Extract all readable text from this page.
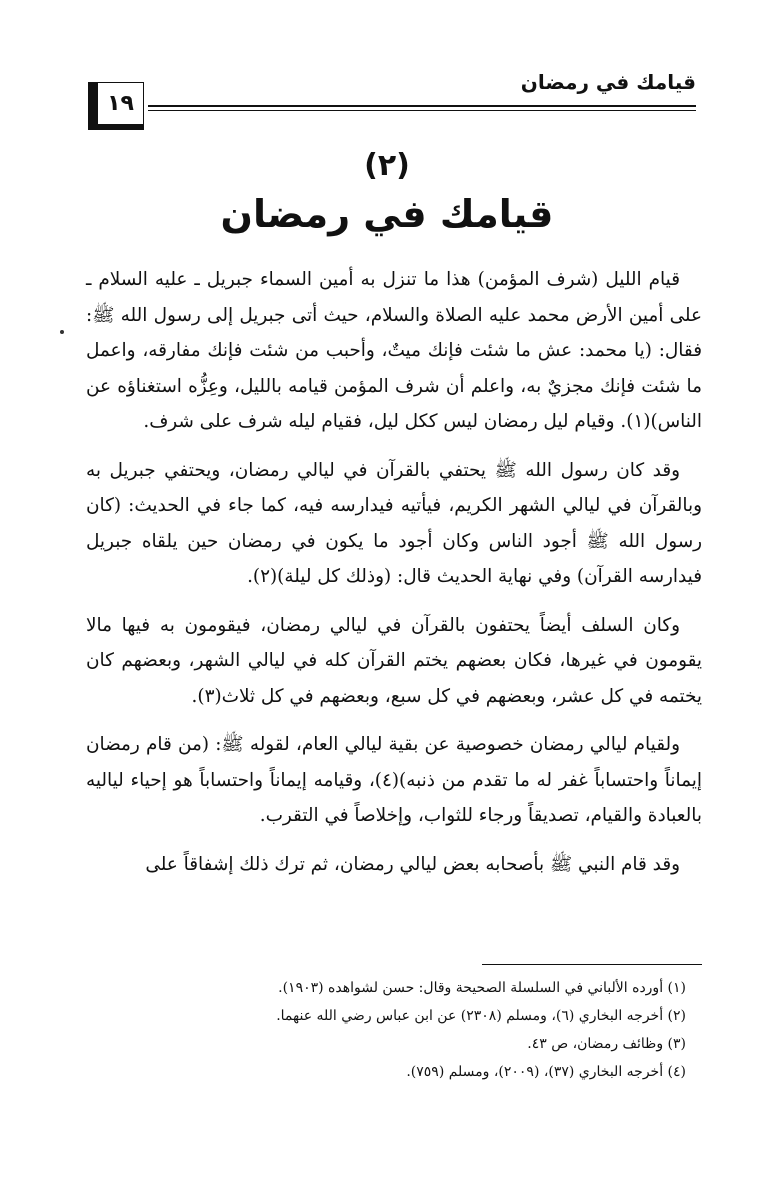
قيامك في رمضان
١٩
(٢)
قيامك في رمضان

قيام الليل (شرف المؤمن) هذا ما تنزل به أمين السماء جبريل ـ عليه السلام ـ على أمين الأرض محمد عليه الصلاة والسلام، حيث أتى جبريل إلى رسول الله ﷺ: فقال: (يا محمد: عش ما شئت فإنك ميتٌ، وأحبب من شئت فإنك مفارقه، واعمل ما شئت فإنك مجزيٌ به، واعلم أن شرف المؤمن قيامه بالليل، وعِزُّه استغناؤه عن الناس)(١). وقيام ليل رمضان ليس ككل ليل، فقيام ليله شرف على شرف.

وقد كان رسول الله ﷺ يحتفي بالقرآن في ليالي رمضان، ويحتفي جبريل به وبالقرآن في ليالي الشهر الكريم، فيأتيه فيدارسه فيه، كما جاء في الحديث: (كان رسول الله ﷺ أجود الناس وكان أجود ما يكون في رمضان حين يلقاه جبريل فيدارسه القرآن) وفي نهاية الحديث قال: (وذلك كل ليلة)(٢).

وكان السلف أيضاً يحتفون بالقرآن في ليالي رمضان، فيقومون به فيها مالا يقومون في غيرها، فكان بعضهم يختم القرآن كله في ليالي الشهر، وبعضهم كان يختمه في كل عشر، وبعضهم في كل سبع، وبعضهم في كل ثلاث(٣).

ولقيام ليالي رمضان خصوصية عن بقية ليالي العام، لقوله ﷺ: (من قام رمضان إيماناً واحتساباً غفر له ما تقدم من ذنبه)(٤)، وقيامه إيماناً واحتساباً هو إحياء لياليه بالعبادة والقيام، تصديقاً ورجاء للثواب، وإخلاصاً في التقرب.

وقد قام النبي ﷺ بأصحابه بعض ليالي رمضان، ثم ترك ذلك إشفاقاً على

(١) أورده الألباني في السلسلة الصحيحة وقال: حسن لشواهده (١٩٠٣).
(٢) أخرجه البخاري (٦)، ومسلم (٢٣٠٨) عن ابن عباس رضي الله عنهما.
(٣) وظائف رمضان، ص ٤٣.
(٤) أخرجه البخاري (٣٧)، (٢٠٠٩)، ومسلم (٧٥٩).
